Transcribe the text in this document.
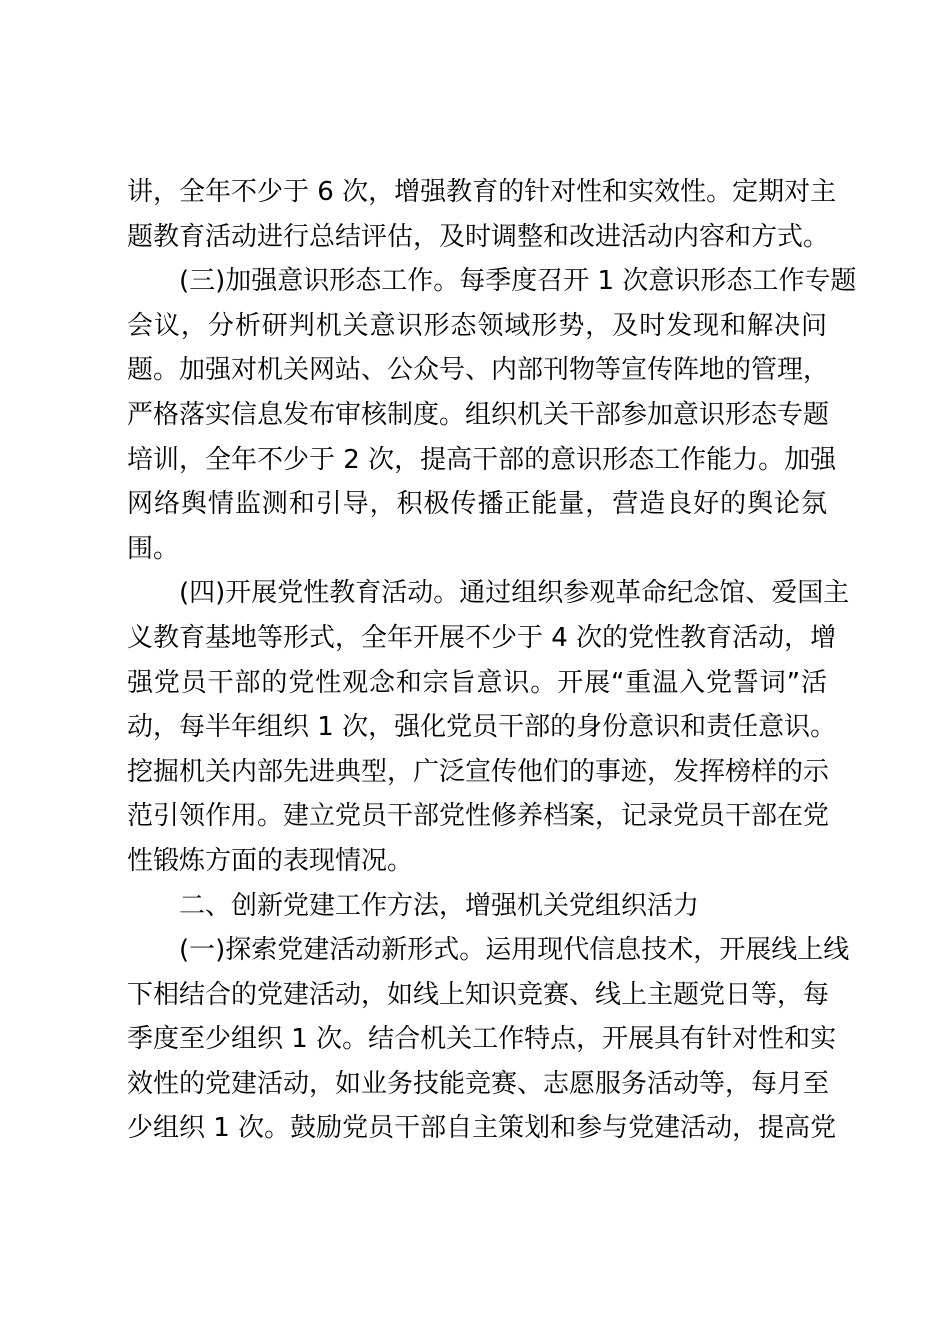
讲，全年不少于 6 次，增强教育的针对性和实效性。定期对主
题教育活动进行总结评估，及时调整和改进活动内容和方式。
(三)加强意识形态工作。每季度召开 1 次意识形态工作专题
会议，分析研判机关意识形态领域形势，及时发现和解决问
题。加强对机关网站、公众号、内部刊物等宣传阵地的管理，
严格落实信息发布审核制度。组织机关干部参加意识形态专题
培训，全年不少于 2 次，提高干部的意识形态工作能力。加强
网络舆情监测和引导，积极传播正能量，营造良好的舆论氛
围。
(四)开展党性教育活动。通过组织参观革命纪念馆、爱国主
义教育基地等形式，全年开展不少于 4 次的党性教育活动，增
强党员干部的党性观念和宗旨意识。开展“重温入党誓词”活
动，每半年组织 1 次，强化党员干部的身份意识和责任意识。
挖掘机关内部先进典型，广泛宣传他们的事迹，发挥榜样的示
范引领作用。建立党员干部党性修养档案，记录党员干部在党
性锻炼方面的表现情况。
二、创新党建工作方法，增强机关党组织活力
(一)探索党建活动新形式。运用现代信息技术，开展线上线
下相结合的党建活动，如线上知识竞赛、线上主题党日等，每
季度至少组织 1 次。结合机关工作特点，开展具有针对性和实
效性的党建活动，如业务技能竞赛、志愿服务活动等，每月至
少组织 1 次。鼓励党员干部自主策划和参与党建活动，提高党
